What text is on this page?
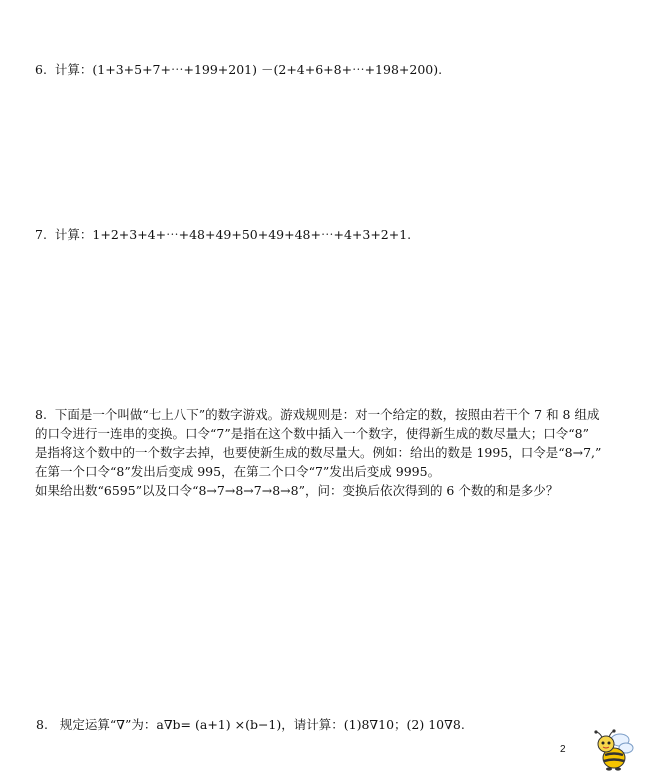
6. 计算：(1+3+5+7+⋯+199+201) －(2+4+6+8+⋯+198+200).
7. 计算：1+2+3+4+⋯+48+49+50+49+48+⋯+4+3+2+1.
8. 下面是一个叫做“七上八下”的数字游戏。游戏规则是：对一个给定的数，按照由若干个 7 和 8 组成
的口令进行一连串的变换。口令“7”是指在这个数中插入一个数字，使得新生成的数尽量大；口令“8”
是指将这个数中的一个数字去掉，也要使新生成的数尽量大。例如：给出的数是 1995，口令是“8→7,”
在第一个口令“8”发出后变成 995，在第二个口令“7”发出后变成 9995。
如果给出数“6595”以及口令“8→7→8→7→8→8”，问：变换后依次得到的 6 个数的和是多少？
8. 规定运算“∇”为：a∇b= (a+1) ×(b−1)，请计算：(1)8∇10；(2) 10∇8.
2
